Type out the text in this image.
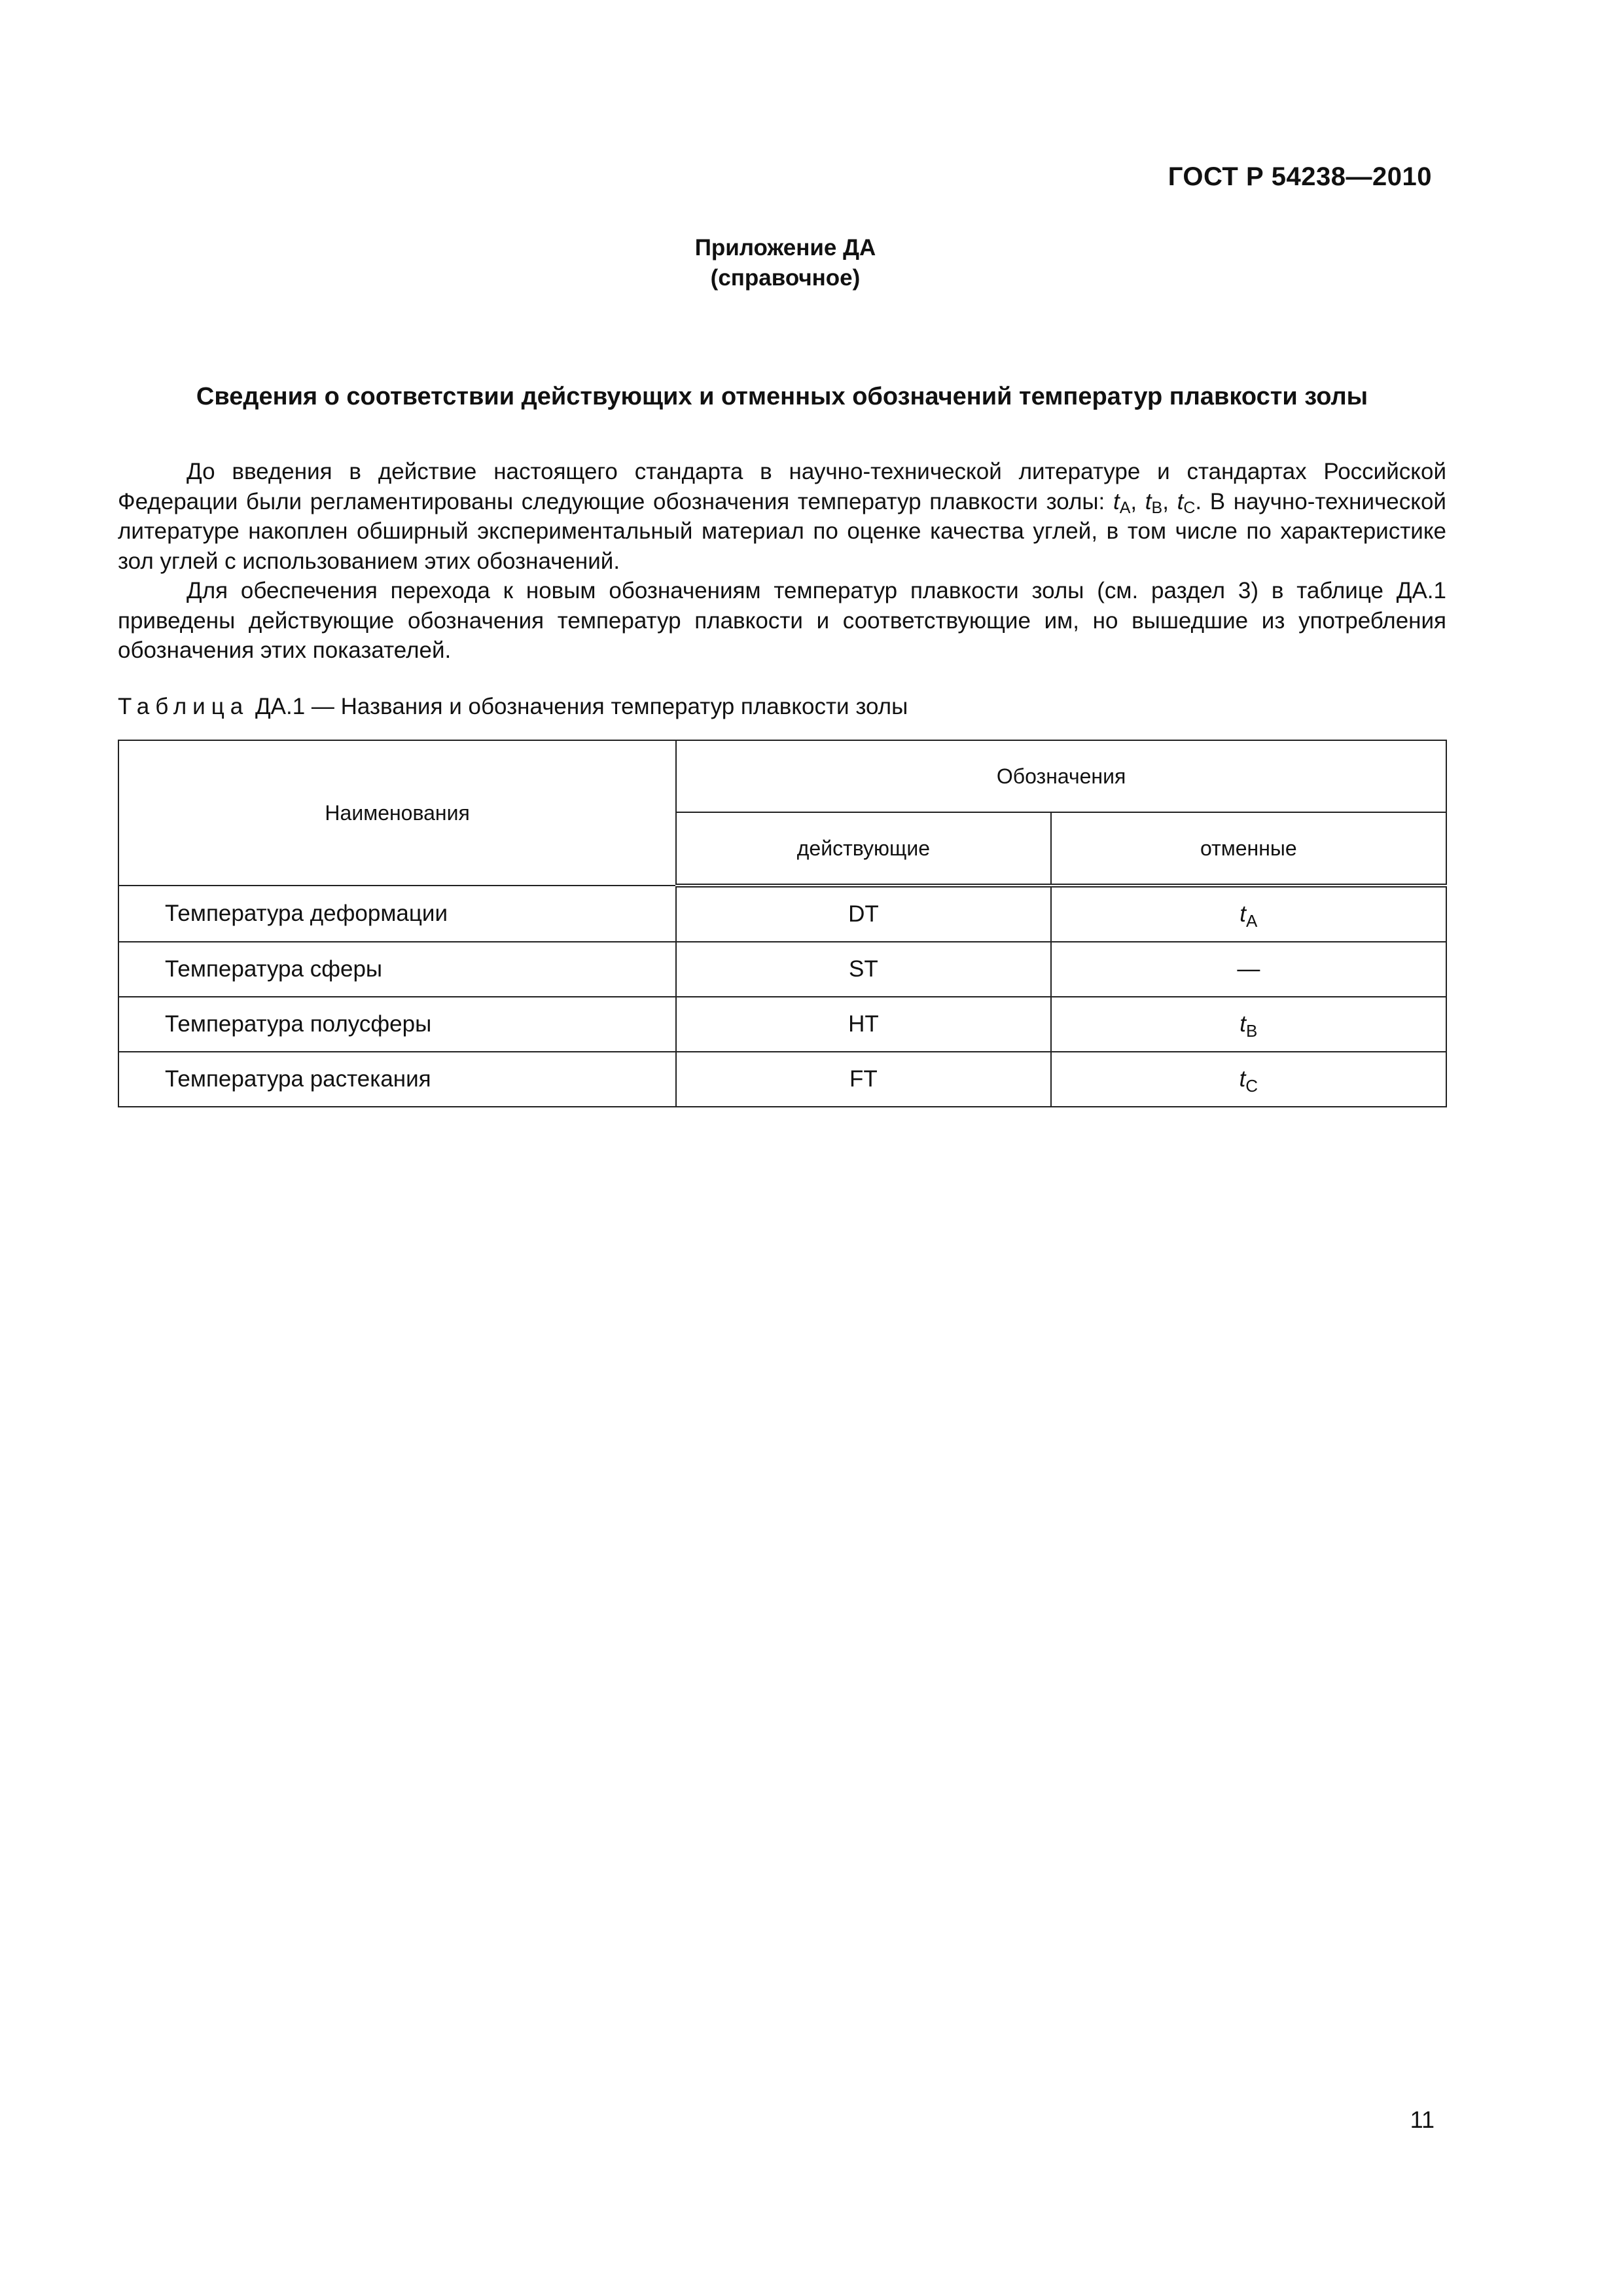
ГОСТ Р 54238—2010
Приложение ДА
(справочное)
Сведения о соответствии действующих и отменных обозначений температур плавкости золы

До введения в действие настоящего стандарта в научно-технической литературе и стандартах Российской Федерации были регламентированы следующие обозначения температур плавкости золы: $t_A$, $t_B$, $t_C$. В научно-технической литературе накоплен обширный экспериментальный материал по оценке качества углей, в том числе по характеристике зол углей с использованием этих обозначений.

Для обеспечения перехода к новым обозначениям температур плавкости золы (см. раздел 3) в таблице ДА.1 приведены действующие обозначения температур плавкости и соответствующие им, но вышедшие из употребления обозначения этих показателей.

Таблица ДА.1 — Названия и обозначения температур плавкости золы
Наименования	Обозначения	
	действующие	отменные
Температура деформации	DT	$t_A$
Температура сферы	ST	—
Температура полусферы	HT	$t_B$
Температура растекания	FT	$t_C$
11
